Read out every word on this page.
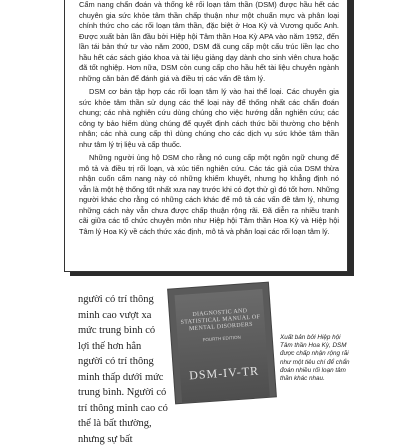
Cẩm nang chẩn đoán và thống kê rối loạn tâm thần (DSM) được hầu hết các chuyên gia sức khỏe tâm thần chấp thuận như một chuẩn mực và phân loại chính thức cho các rối loạn tâm thần, đặc biệt ở Hoa Kỳ và Vương quốc Anh. Được xuất bản lần đầu bởi Hiệp hội Tâm thần Hoa Kỳ APA vào năm 1952, đến lần tái bản thứ tư vào năm 2000, DSM đã cung cấp một cấu trúc liền lạc cho hầu hết các sách giáo khoa và tài liệu giảng dạy dành cho sinh viên chưa hoặc đã tốt nghiệp. Hơn nữa, DSM còn cung cấp cho hầu hết tài liệu chuyên ngành những căn bản để đánh giá và điều trị các vấn đề tâm lý.

DSM cơ bản tập hợp các rối loạn tâm lý vào hai thể loại. Các chuyên gia sức khỏe tâm thần sử dụng các thể loại này để thống nhất các chẩn đoán chung; các nhà nghiên cứu dùng chúng cho việc hướng dẫn nghiên cứu; các công ty bảo hiểm dùng chúng để quyết định cách thức bồi thường cho bệnh nhân; các nhà cung cấp thì dùng chúng cho các dịch vụ sức khỏe tâm thần như tâm lý trị liệu và cấp thuốc.

Những người ủng hộ DSM cho rằng nó cung cấp một ngôn ngữ chung để mô tả và điều trị rối loạn, và xúc tiến nghiên cứu. Các tác giả của DSM thừa nhận cuốn cẩm nang này có những khiếm khuyết, nhưng họ khẳng định nó vẫn là một hệ thống tốt nhất xưa nay trước khi có đợt thử gì đó tốt hơn. Những người khác cho rằng có những cách khác để mô tả các vấn đề tâm lý, nhưng những cách này vẫn chưa được chấp thuận rộng rãi. Đã diễn ra nhiều tranh cãi giữa các tổ chức chuyên môn như Hiệp hội Tâm thần Hoa Kỳ và Hiệp hội Tâm lý Hoa Kỳ về cách thức xác định, mô tả và phân loại các rối loạn tâm lý.

người có trí thông minh cao vượt xa mức trung bình có lợi thế hơn hẳn người có trí thông minh thấp dưới mức trung bình. Người có trí thông minh cao có thể là bất thường, nhưng sự bất

DIAGNOSTIC AND STATISTICAL MANUAL OF MENTAL DISORDERS
FOURTH EDITION
DSM-IV-TR

Xuất bản bởi Hiệp hội Tâm thần Hoa Kỳ, DSM được chấp nhận rộng rãi như một tiêu chí để chẩn đoán nhiều rối loạn tâm thần khác nhau.
